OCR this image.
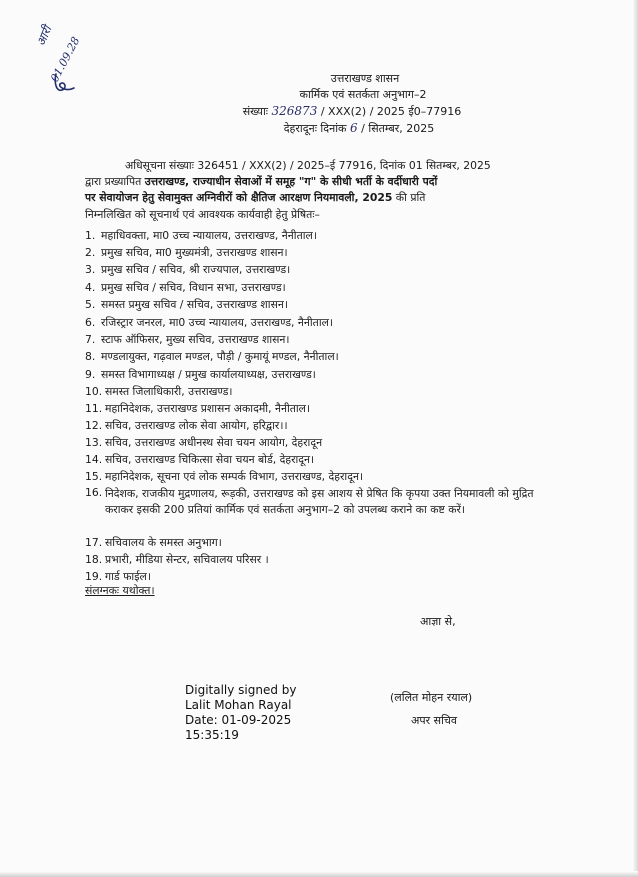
आरी
01.09.28	उत्तराखण्ड शासन
कार्मिक एवं सतर्कता अनुभाग–2
संख्याः 326873 / XXX(2) / 2025 ई0–77916
देहरादूनः दिनांक 6 / सितम्बर, 2025
अधिसूचना संख्याः 326451 / XXX(2) / 2025–ई 77916, दिनांक 01 सितम्बर, 2025
द्वारा प्रख्यापित उत्तराखण्ड, राज्याधीन सेवाओं में समूह "ग" के सीधी भर्ती के वर्दीधारी पदों
पर सेवायोजन हेतु सेवामुक्त अग्निवीरों को क्षैतिज आरक्षण नियमावली, 2025 की प्रति
निम्नलिखित को सूचनार्थ एवं आवश्यक कार्यवाही हेतु प्रेषितः–
1. महाधिवक्ता, मा0 उच्च न्यायालय, उत्तराखण्ड, नैनीताल।
2. प्रमुख सचिव, मा0 मुख्यमंत्री, उत्तराखण्ड शासन।
3. प्रमुख सचिव / सचिव, श्री राज्यपाल, उत्तराखण्ड।
4. प्रमुख सचिव / सचिव, विधान सभा, उत्तराखण्ड।
5. समस्त प्रमुख सचिव / सचिव, उत्तराखण्ड शासन।
6. रजिस्ट्रार जनरल, मा0 उच्च न्यायालय, उत्तराखण्ड, नैनीताल।
7. स्टाफ ऑफिसर, मुख्य सचिव, उत्तराखण्ड शासन।
8. मण्डलायुक्त, गढ़वाल मण्डल, पौड़ी / कुमायूं मण्डल, नैनीताल।
9. समस्त विभागाध्यक्ष / प्रमुख कार्यालयाध्यक्ष, उत्तराखण्ड।
10. समस्त जिलाधिकारी, उत्तराखण्ड।
11. महानिदेशक, उत्तराखण्ड प्रशासन अकादमी, नैनीताल।
12. सचिव, उत्तराखण्ड लोक सेवा आयोग, हरिद्वार।।
13. सचिव, उत्तराखण्ड अधीनस्थ सेवा चयन आयोग, देहरादून
14. सचिव, उत्तराखण्ड चिकित्सा सेवा चयन बोर्ड, देहरादून।
15. महानिदेशक, सूचना एवं लोक सम्पर्क विभाग, उत्तराखण्ड, देहरादून।
16. निदेशक, राजकीय मुद्रणालय, रूड़की, उत्तराखण्ड को इस आशय से प्रेषित कि कृपया उक्त नियमावली को मुद्रित कराकर इसकी 200 प्रतियां कार्मिक एवं सतर्कता अनुभाग–2 को उपलब्ध कराने का कष्ट करें।
17. सचिवालय के समस्त अनुभाग।
18. प्रभारी, मीडिया सेन्टर, सचिवालय परिसर ।
19. गार्ड फाईल।
संलग्नकः यथोक्त।
आज्ञा से,
Digitally signed by
Lalit Mohan Rayal
Date: 01-09-2025
15:35:19
(ललित मोहन रयाल)
अपर सचिव
